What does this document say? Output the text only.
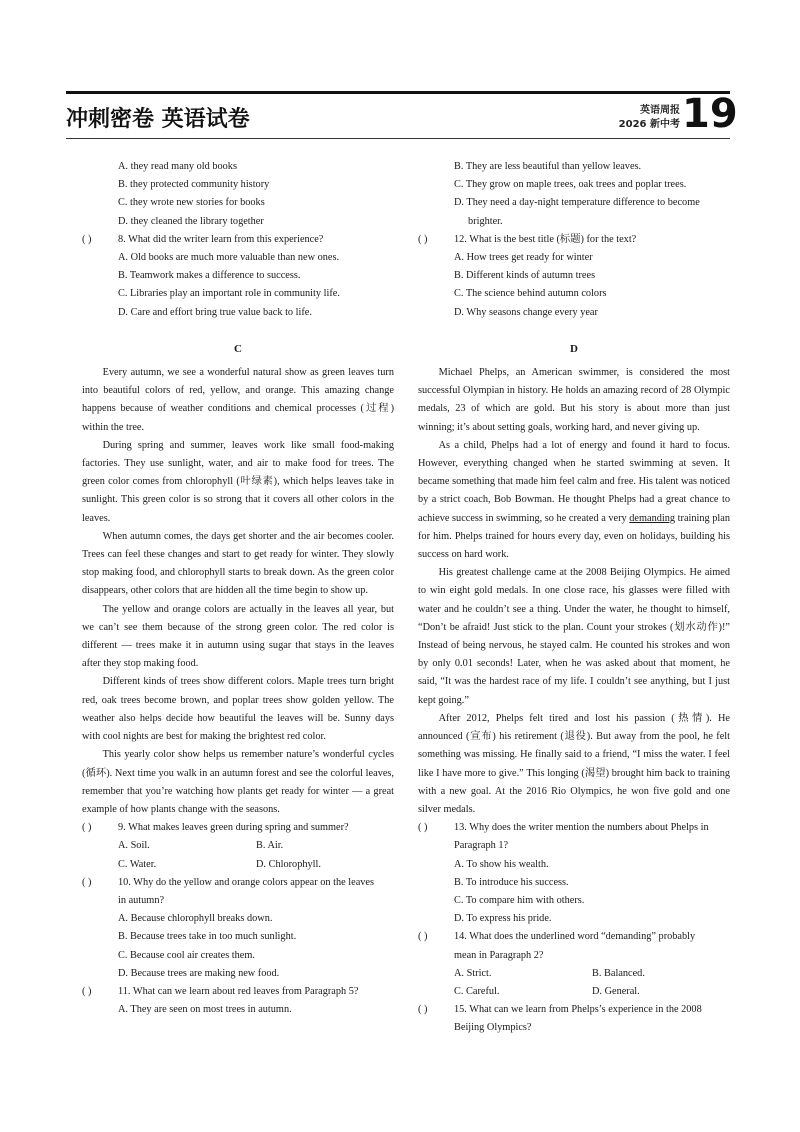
冲刺密卷 英语试卷	英语周报
2026 新中考 19
A. they read many old books
B. they protected community history
C. they wrote new stories for books
D. they cleaned the library together
( )	8. What did the writer learn from this experience?
A. Old books are much more valuable than new ones.
B. Teamwork makes a difference to success.
C. Libraries play an important role in community life.
D. Care and effort bring true value back to life.
C
Every autumn, we see a wonderful natural show as green leaves turn into beautiful colors of red, yellow, and orange. This amazing change happens because of weather conditions and chemical processes (过程) within the tree.
During spring and summer, leaves work like small food-making factories. They use sunlight, water, and air to make food for trees. The green color comes from chlorophyll (叶绿素), which helps leaves take in sunlight. This green color is so strong that it covers all other colors in the leaves.
When autumn comes, the days get shorter and the air becomes cooler. Trees can feel these changes and start to get ready for winter. They slowly stop making food, and chlorophyll starts to break down. As the green color disappears, other colors that are hidden all the time begin to show up.
The yellow and orange colors are actually in the leaves all year, but we can’t see them because of the strong green color. The red color is different — trees make it in autumn using sugar that stays in the leaves after they stop making food.
Different kinds of trees show different colors. Maple trees turn bright red, oak trees become brown, and poplar trees show golden yellow. The weather also helps decide how beautiful the leaves will be. Sunny days with cool nights are best for making the brightest red color.
This yearly color show helps us remember nature’s wonderful cycles (循环). Next time you walk in an autumn forest and see the colorful leaves, remember that you’re watching how plants get ready for winter — a great example of how plants change with the seasons.
( )	9. What makes leaves green during spring and summer?
A. Soil.	B. Air.
C. Water.	D. Chlorophyll.
( )	10. Why do the yellow and orange colors appear on the leaves
in autumn?
A. Because chlorophyll breaks down.
B. Because trees take in too much sunlight.
C. Because cool air creates them.
D. Because trees are making new food.
( )	11. What can we learn about red leaves from Paragraph 5?
A. They are seen on most trees in autumn.
B. They are less beautiful than yellow leaves.
C. They grow on maple trees, oak trees and poplar trees.
D. They need a day-night temperature difference to become
brighter.
( )	12. What is the best title (标题) for the text?
A. How trees get ready for winter
B. Different kinds of autumn trees
C. The science behind autumn colors
D. Why seasons change every year
D
Michael Phelps, an American swimmer, is considered the most successful Olympian in history. He holds an amazing record of 28 Olympic medals, 23 of which are gold. But his story is about more than just winning; it’s about setting goals, working hard, and never giving up.
As a child, Phelps had a lot of energy and found it hard to focus. However, everything changed when he started swimming at seven. It became something that made him feel calm and free. His talent was noticed by a strict coach, Bob Bowman. He thought Phelps had a great chance to achieve success in swimming, so he created a very demanding training plan for him. Phelps trained for hours every day, even on holidays, building his success on hard work.
His greatest challenge came at the 2008 Beijing Olympics. He aimed to win eight gold medals. In one close race, his glasses were filled with water and he couldn’t see a thing. Under the water, he thought to himself, “Don’t be afraid! Just stick to the plan. Count your strokes (划水动作)!” Instead of being nervous, he stayed calm. He counted his strokes and won by only 0.01 seconds! Later, when he was asked about that moment, he said, “It was the hardest race of my life. I couldn’t see anything, but I just kept going.”
After 2012, Phelps felt tired and lost his passion (热情). He announced (宣布) his retirement (退役). But away from the pool, he felt something was missing. He finally said to a friend, “I miss the water. I feel like I have more to give.” This longing (渴望) brought him back to training with a new goal. At the 2016 Rio Olympics, he won five gold and one silver medals.
( )	13. Why does the writer mention the numbers about Phelps in
Paragraph 1?
A. To show his wealth.
B. To introduce his success.
C. To compare him with others.
D. To express his pride.
( )	14. What does the underlined word “demanding” probably
mean in Paragraph 2?
A. Strict.	B. Balanced.
C. Careful.	D. General.
( )	15. What can we learn from Phelps’s experience in the 2008
Beijing Olympics?
